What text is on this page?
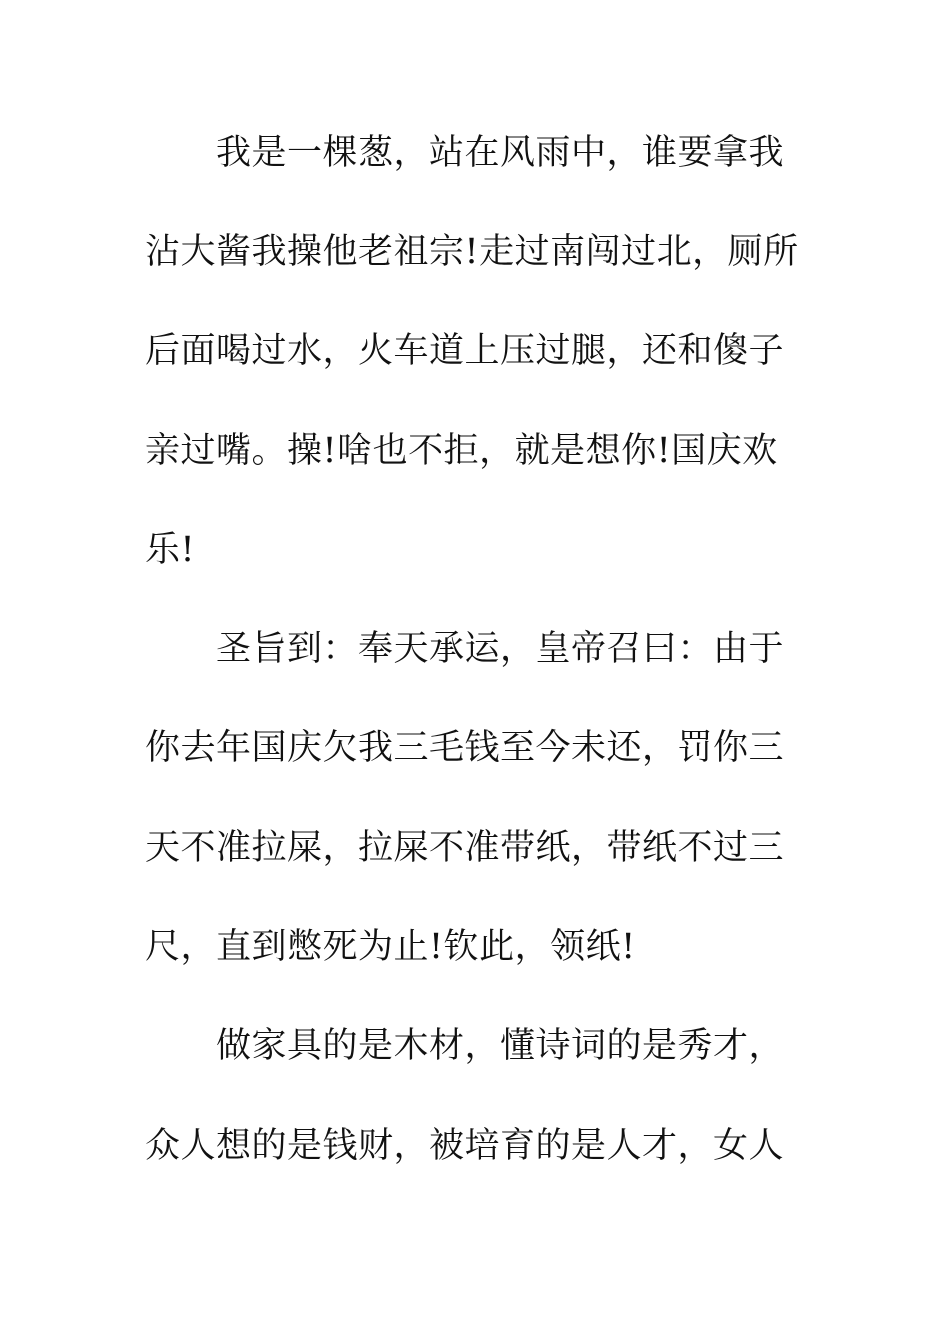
我是一棵葱，站在风雨中，谁要拿我
沾大酱我操他老祖宗!走过南闯过北，厕所
后面喝过水，火车道上压过腿，还和傻子
亲过嘴。操!啥也不拒，就是想你!国庆欢
乐!
圣旨到：奉天承运，皇帝召曰：由于
你去年国庆欠我三毛钱至今未还，罚你三
天不准拉屎，拉屎不准带纸，带纸不过三
尺，直到憋死为止!钦此，领纸!
做家具的是木材，懂诗词的是秀才，
众人想的是钱财，被培育的是人才，女人
